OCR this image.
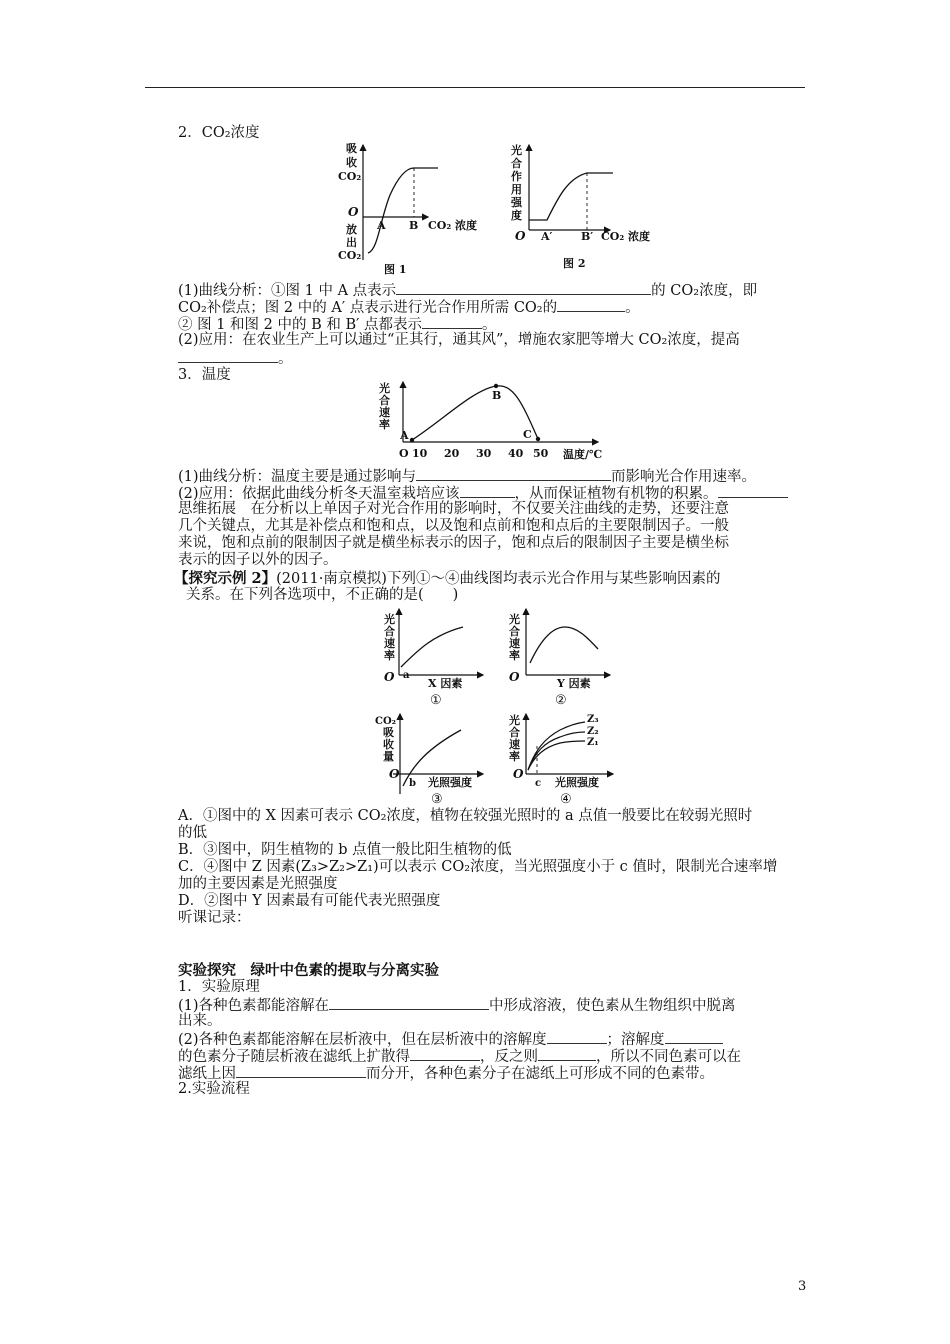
2．CO₂浓度
吸
收
CO₂
O
放
出
CO₂
A B CO₂ 浓度
图 1
光
合
作
用
强
度
O A′	B′ CO₂ 浓度
图 2
(1)曲线分析：①图 1 中 A 点表示	的 CO₂浓度，即
CO₂补偿点；图 2 中的 A′ 点表示进行光合作用所需 CO₂的	。
② 图 1 和图 2 中的 B 和 B′ 点都表示	。
(2)应用：在农业生产上可以通过“正其行，通其风”，增施农家肥等增大 CO₂浓度，提高
。
3．温度
光
合
速
率
A
B
C
O 10 20 30 40 50 温度/℃
(1)曲线分析：温度主要是通过影响与	而影响光合作用速率。
(2)应用：依据此曲线分析冬天温室栽培应该	，从而保证植物有机物的积累。
思维拓展　在分析以上单因子对光合作用的影响时，不仅要关注曲线的走势，还要注意
几个关键点，尤其是补偿点和饱和点，以及饱和点前和饱和点后的主要限制因子。一般
来说，饱和点前的限制因子就是横坐标表示的因子，饱和点后的限制因子主要是横坐标
表示的因子以外的因子。
【探究示例 2】(2011·南京模拟)下列①～④曲线图均表示光合作用与某些影响因素的
关系。在下列各选项中，不正确的是(　　)
光
合
速
率
O a
X 因素
①
光
合
速
率
O	Y 因素
②
CO₂
吸
收
量
O
b 光照强度
③
光
合
速
率
O
c 光照强度
Z₃
Z₂
Z₁
④
A．①图中的 X 因素可表示 CO₂浓度，植物在较强光照时的 a 点值一般要比在较弱光照时
的低
B．③图中，阴生植物的 b 点值一般比阳生植物的低
C．④图中 Z 因素(Z₃>Z₂>Z₁)可以表示 CO₂浓度，当光照强度小于 c 值时，限制光合速率增
加的主要因素是光照强度
D．②图中 Y 因素最有可能代表光照强度
听课记录：
实验探究　绿叶中色素的提取与分离实验
1．实验原理
(1)各种色素都能溶解在	中形成溶液，使色素从生物组织中脱离
出来。
(2)各种色素都能溶解在层析液中，但在层析液中的溶解度	；溶解度
的色素分子随层析液在滤纸上扩散得	，反之则	，所以不同色素可以在
滤纸上因	而分开，各种色素分子在滤纸上可形成不同的色素带。
2.实验流程
3
